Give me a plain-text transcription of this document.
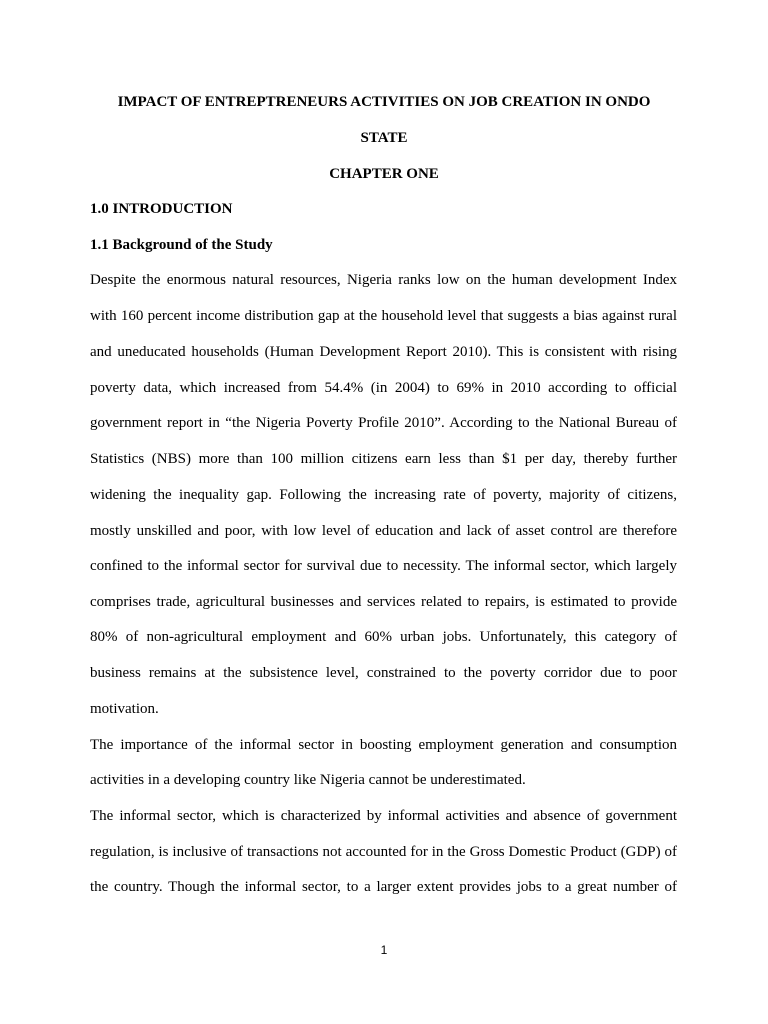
IMPACT OF ENTREPTRENEURS ACTIVITIES ON JOB CREATION IN ONDO

STATE

CHAPTER ONE

1.0 INTRODUCTION

1.1 Background of the Study

Despite the enormous natural resources, Nigeria ranks low on the human development Index

with 160 percent income distribution gap at the household level that suggests a bias against rural

and uneducated households (Human Development Report 2010). This is consistent with rising

poverty data, which increased from 54.4% (in 2004) to 69% in 2010 according to official

government report in “the Nigeria Poverty Profile 2010”. According to the National Bureau of

Statistics (NBS) more than 100 million citizens earn less than $1 per day, thereby further

widening the inequality gap. Following the increasing rate of poverty, majority of citizens,

mostly unskilled and poor, with low level of education and lack of asset control are therefore

confined to the informal sector for survival due to necessity. The informal sector, which largely

comprises trade, agricultural businesses and services related to repairs, is estimated to provide

80% of non-agricultural employment and 60% urban jobs. Unfortunately, this category of

business remains at the subsistence level, constrained to the poverty corridor due to poor

motivation.

The importance of the informal sector in boosting employment generation and consumption

activities in a developing country like Nigeria cannot be underestimated.

The informal sector, which is characterized by informal activities and absence of government

regulation, is inclusive of transactions not accounted for in the Gross Domestic Product (GDP) of

the country. Though the informal sector, to a larger extent provides jobs to a great number of

1
